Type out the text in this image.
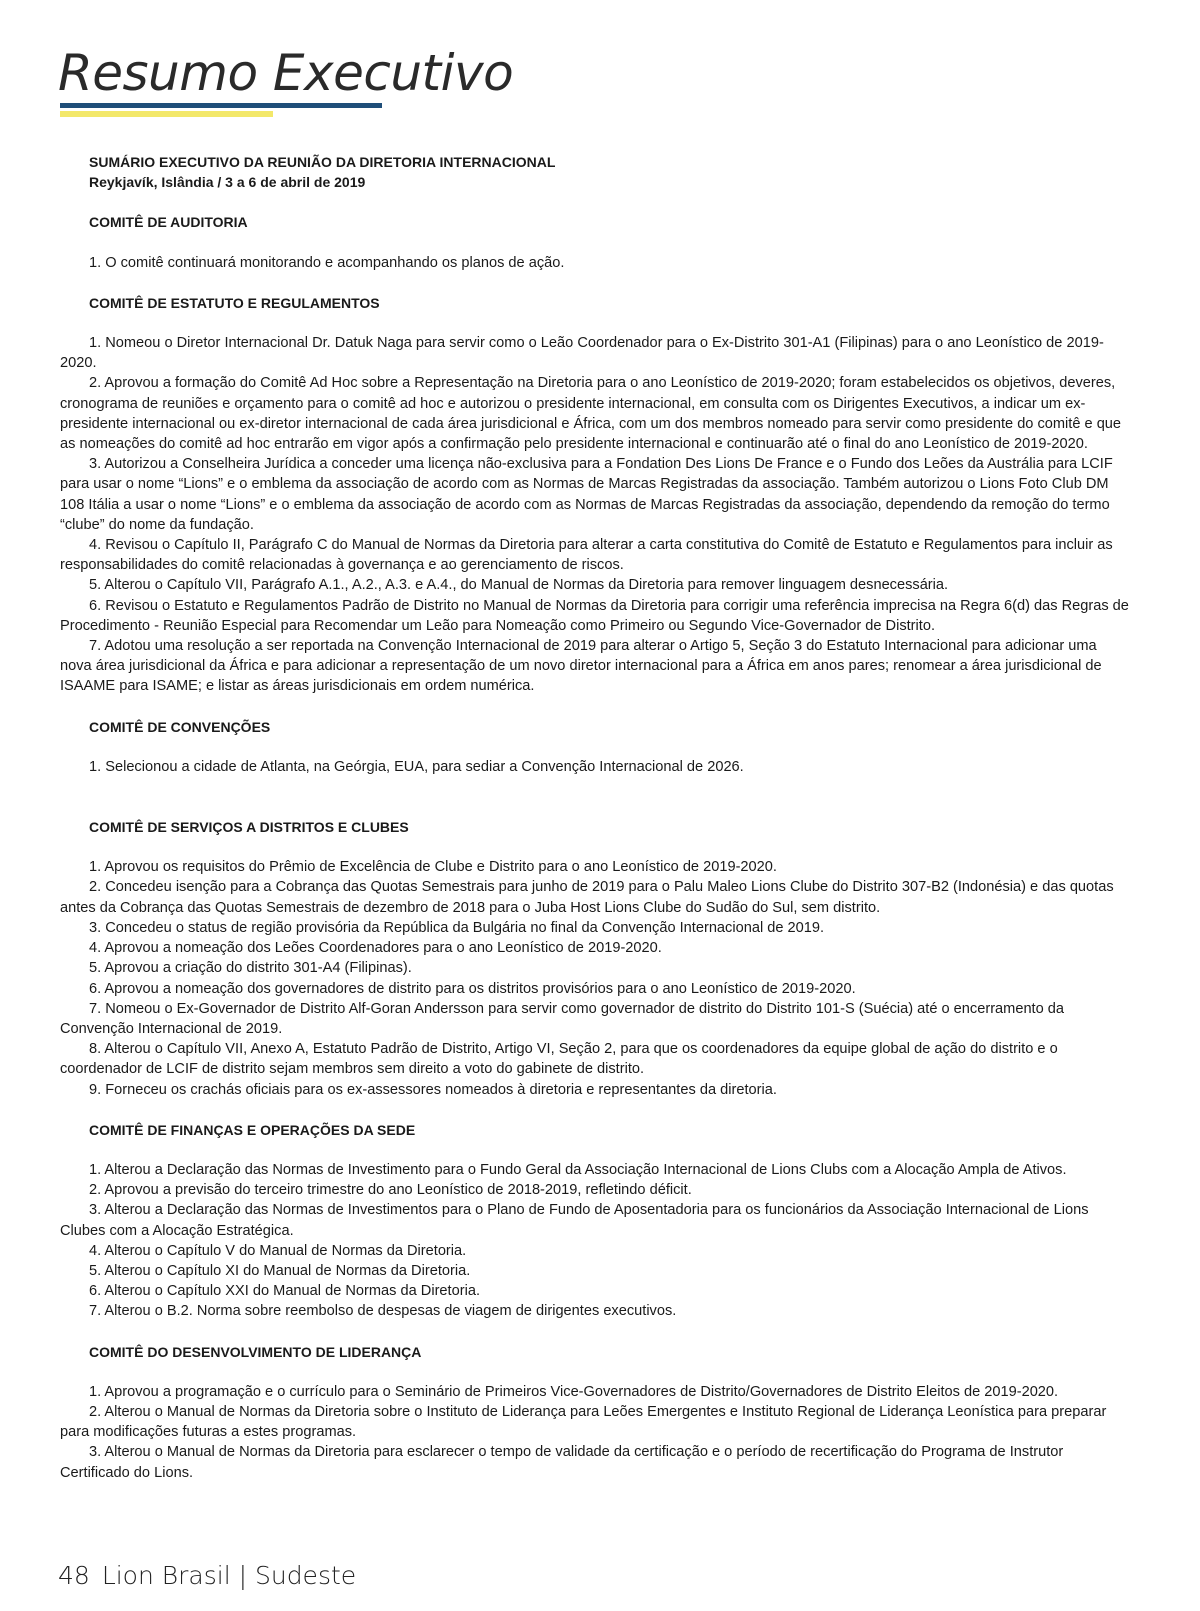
Resumo Executivo
SUMÁRIO EXECUTIVO DA REUNIÃO DA DIRETORIA INTERNACIONAL
Reykjavík, Islândia / 3 a 6 de abril de 2019
COMITÊ DE AUDITORIA
1. O comitê continuará monitorando e acompanhando os planos de ação.
COMITÊ DE ESTATUTO E REGULAMENTOS
1. Nomeou o Diretor Internacional Dr. Datuk Naga para servir como o Leão Coordenador para o Ex-Distrito 301-A1 (Filipinas) para o ano Leonístico de 2019-2020.
2. Aprovou a formação do Comitê Ad Hoc sobre a Representação na Diretoria para o ano Leonístico de 2019-2020; foram estabelecidos os objetivos, deveres, cronograma de reuniões e orçamento para o comitê ad hoc e autorizou o presidente internacional, em consulta com os Dirigentes Executivos, a indicar um ex-presidente internacional ou ex-diretor internacional de cada área jurisdicional e África, com um dos membros nomeado para servir como presidente do comitê e que as nomeações do comitê ad hoc entrarão em vigor após a confirmação pelo presidente internacional e continuarão até o final do ano Leonístico de 2019-2020.
3. Autorizou a Conselheira Jurídica a conceder uma licença não-exclusiva para a Fondation Des Lions De France e o Fundo dos Leões da Austrália para LCIF para usar o nome “Lions” e o emblema da associação de acordo com as Normas de Marcas Registradas da associação. Também autorizou o Lions Foto Club DM 108 Itália a usar o nome “Lions” e o emblema da associação de acordo com as Normas de Marcas Registradas da associação, dependendo da remoção do termo “clube” do nome da fundação.
4. Revisou o Capítulo II, Parágrafo C do Manual de Normas da Diretoria para alterar a carta constitutiva do Comitê de Estatuto e Regulamentos para incluir as responsabilidades do comitê relacionadas à governança e ao gerenciamento de riscos.
5. Alterou o Capítulo VII, Parágrafo A.1., A.2., A.3. e A.4., do Manual de Normas da Diretoria para remover linguagem desnecessária.
6. Revisou o Estatuto e Regulamentos Padrão de Distrito no Manual de Normas da Diretoria para corrigir uma referência imprecisa na Regra 6(d) das Regras de Procedimento - Reunião Especial para Recomendar um Leão para Nomeação como Primeiro ou Segundo Vice-Governador de Distrito.
7. Adotou uma resolução a ser reportada na Convenção Internacional de 2019 para alterar o Artigo 5, Seção 3 do Estatuto Internacional para adicionar uma nova área jurisdicional da África e para adicionar a representação de um novo diretor internacional para a África em anos pares; renomear a área jurisdicional de ISAAME para ISAME; e listar as áreas jurisdicionais em ordem numérica.
COMITÊ DE CONVENÇÕES
1. Selecionou a cidade de Atlanta, na Geórgia, EUA, para sediar a Convenção Internacional de 2026.
COMITÊ DE SERVIÇOS A DISTRITOS E CLUBES
1. Aprovou os requisitos do Prêmio de Excelência de Clube e Distrito para o ano Leonístico de 2019-2020.
2. Concedeu isenção para a Cobrança das Quotas Semestrais para junho de 2019 para o Palu Maleo Lions Clube do Distrito 307-B2 (Indonésia) e das quotas antes da Cobrança das Quotas Semestrais de dezembro de 2018 para o Juba Host Lions Clube do Sudão do Sul, sem distrito.
3. Concedeu o status de região provisória da República da Bulgária no final da Convenção Internacional de 2019.
4. Aprovou a nomeação dos Leões Coordenadores para o ano Leonístico de 2019-2020.
5. Aprovou a criação do distrito 301-A4 (Filipinas).
6. Aprovou a nomeação dos governadores de distrito para os distritos provisórios para o ano Leonístico de 2019-2020.
7. Nomeou o Ex-Governador de Distrito Alf-Goran Andersson para servir como governador de distrito do Distrito 101-S (Suécia) até o encerramento da Convenção Internacional de 2019.
8. Alterou o Capítulo VII, Anexo A, Estatuto Padrão de Distrito, Artigo VI, Seção 2, para que os coordenadores da equipe global de ação do distrito e o coordenador de LCIF de distrito sejam membros sem direito a voto do gabinete de distrito.
9. Forneceu os crachás oficiais para os ex-assessores nomeados à diretoria e representantes da diretoria.
COMITÊ DE FINANÇAS E OPERAÇÕES DA SEDE
1. Alterou a Declaração das Normas de Investimento para o Fundo Geral da Associação Internacional de Lions Clubs com a Alocação Ampla de Ativos.
2. Aprovou a previsão do terceiro trimestre do ano Leonístico de 2018-2019, refletindo déficit.
3. Alterou a Declaração das Normas de Investimentos para o Plano de Fundo de Aposentadoria para os funcionários da Associação Internacional de Lions Clubes com a Alocação Estratégica.
4. Alterou o Capítulo V do Manual de Normas da Diretoria.
5. Alterou o Capítulo XI do Manual de Normas da Diretoria.
6. Alterou o Capítulo XXI do Manual de Normas da Diretoria.
7. Alterou o B.2. Norma sobre reembolso de despesas de viagem de dirigentes executivos.
COMITÊ DO DESENVOLVIMENTO DE LIDERANÇA
1. Aprovou a programação e o currículo para o Seminário de Primeiros Vice-Governadores de Distrito/Governadores de Distrito Eleitos de 2019-2020.
2. Alterou o Manual de Normas da Diretoria sobre o Instituto de Liderança para Leões Emergentes e Instituto Regional de Liderança Leonística para preparar para modificações futuras a estes programas.
3. Alterou o Manual de Normas da Diretoria para esclarecer o tempo de validade da certificação e o período de recertificação do Programa de Instrutor Certificado do Lions.
48 Lion Brasil | Sudeste
